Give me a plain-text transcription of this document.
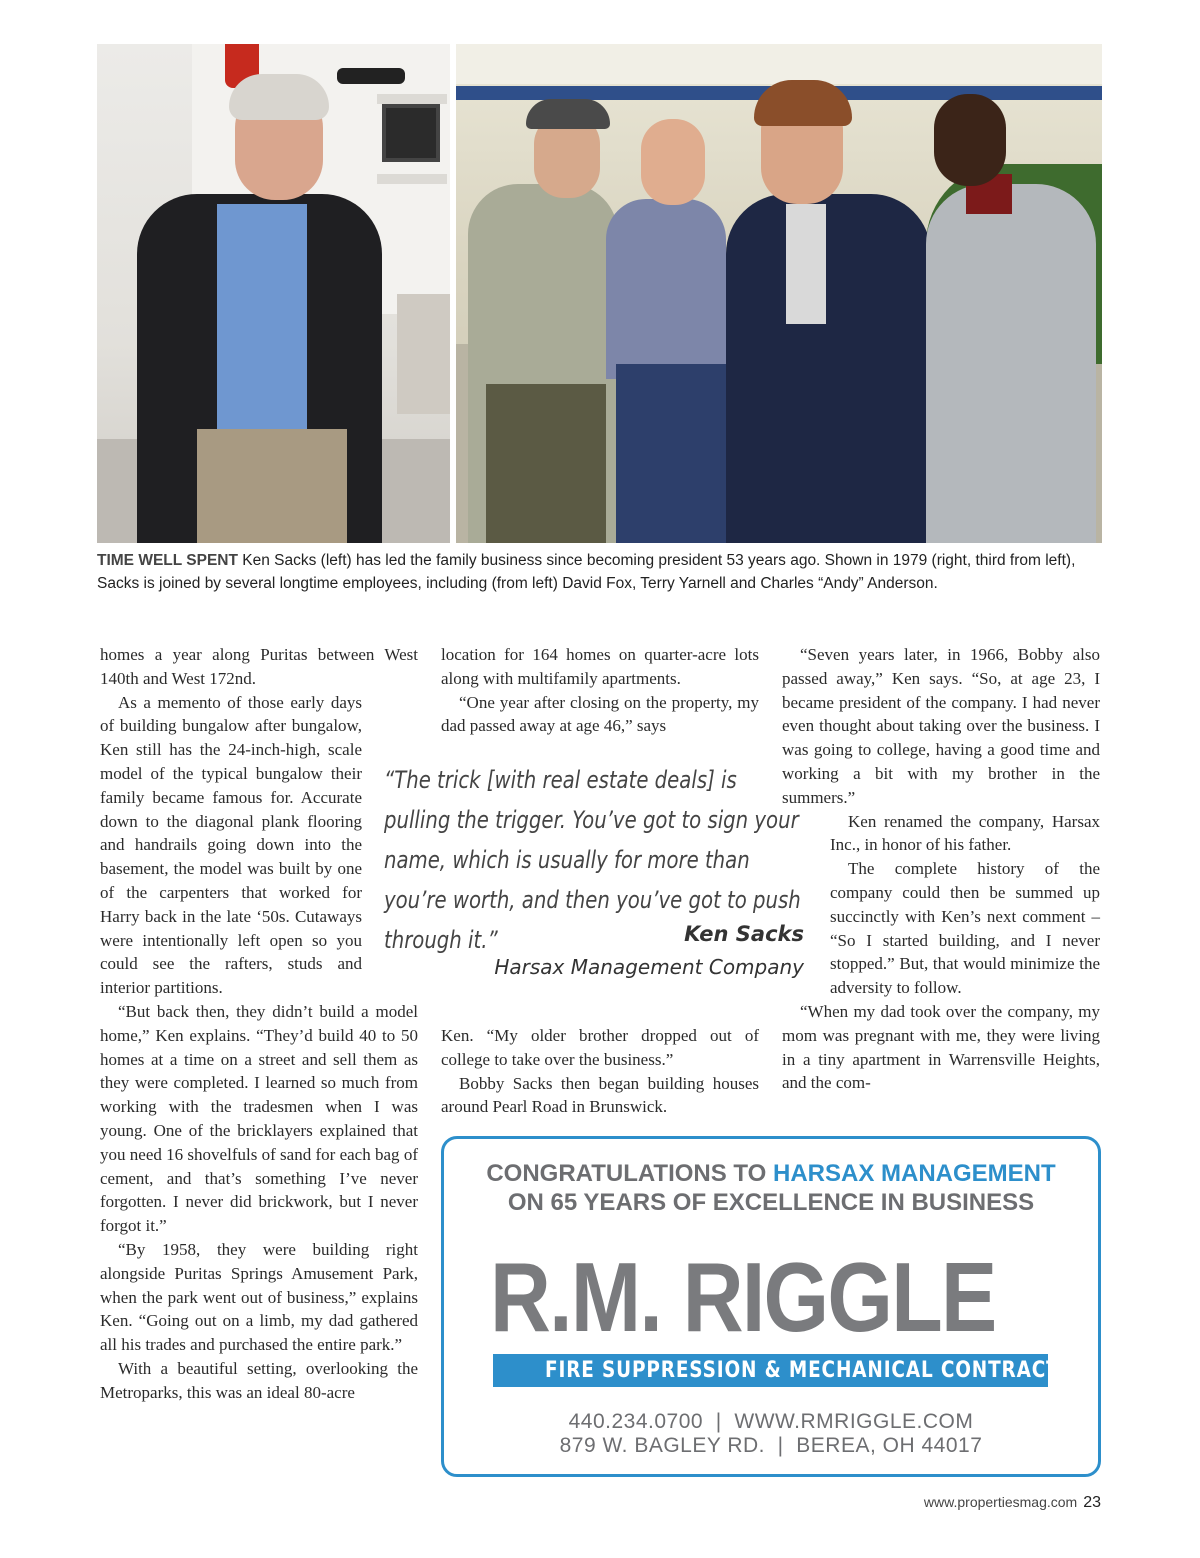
TIME WELL SPENT Ken Sacks (left) has led the family business since becoming president 53 years ago. Shown in 1979 (right, third from left), Sacks is joined by several longtime employees, including (from left) David Fox, Terry Yarnell and Charles “Andy” Anderson.

homes a year along Puritas between West 140th and West 172nd.

As a memento of those early days of building bungalow after bungalow, Ken still has the 24-inch-high, scale model of the typical bungalow their family became famous for. Accurate down to the diagonal plank flooring and handrails going down into the basement, the model was built by one of the carpenters that worked for Harry back in the late ‘50s. Cutaways were intentionally left open so you could see the rafters, studs and interior partitions.

“But back then, they didn’t build a model home,” Ken explains. “They’d build 40 to 50 homes at a time on a street and sell them as they were completed. I learned so much from working with the tradesmen when I was young. One of the bricklayers explained that you need 16 shovelfuls of sand for each bag of cement, and that’s something I’ve never forgotten. I never did brickwork, but I never forgot it.”

“By 1958, they were building right alongside Puritas Springs Amusement Park, when the park went out of business,” explains Ken. “Going out on a limb, my dad gathered all his trades and purchased the entire park.”

With a beautiful setting, overlooking the Metroparks, this was an ideal 80-acre

location for 164 homes on quarter-acre lots along with multifamily apartments.

“One year after closing on the property, my dad passed away at age 46,” says

“The trick [with real estate deals] is pulling the trigger. You’ve got to sign your name, which is usually for more than you’re worth, and then you’ve got to push through it.”	Ken Sacks
Harsax Management Company

Ken. “My older brother dropped out of college to take over the business.”

Bobby Sacks then began building houses around Pearl Road in Brunswick.

“Seven years later, in 1966, Bobby also passed away,” Ken says. “So, at age 23, I became president of the company. I had never even thought about taking over the business. I was going to college, having a good time and working a bit with my brother in the summers.”

Ken renamed the company, Harsax Inc., in honor of his father.

The complete history of the company could then be summed up succinctly with Ken’s next comment – “So I started building, and I never stopped.” But, that would minimize the adversity to follow.

“When my dad took over the company, my mom was pregnant with me, they were living in a tiny apartment in Warrensville Heights, and the com-

CONGRATULATIONS TO HARSAX MANAGEMENT
ON 65 YEARS OF EXCELLENCE IN BUSINESS
R.M. RIGGLE
FIRE SUPPRESSION & MECHANICAL CONTRACTOR
440.234.0700  |  WWW.RMRIGGLE.COM
879 W. BAGLEY RD.  |  BEREA, OH 44017
www.propertiesmag.com 23
